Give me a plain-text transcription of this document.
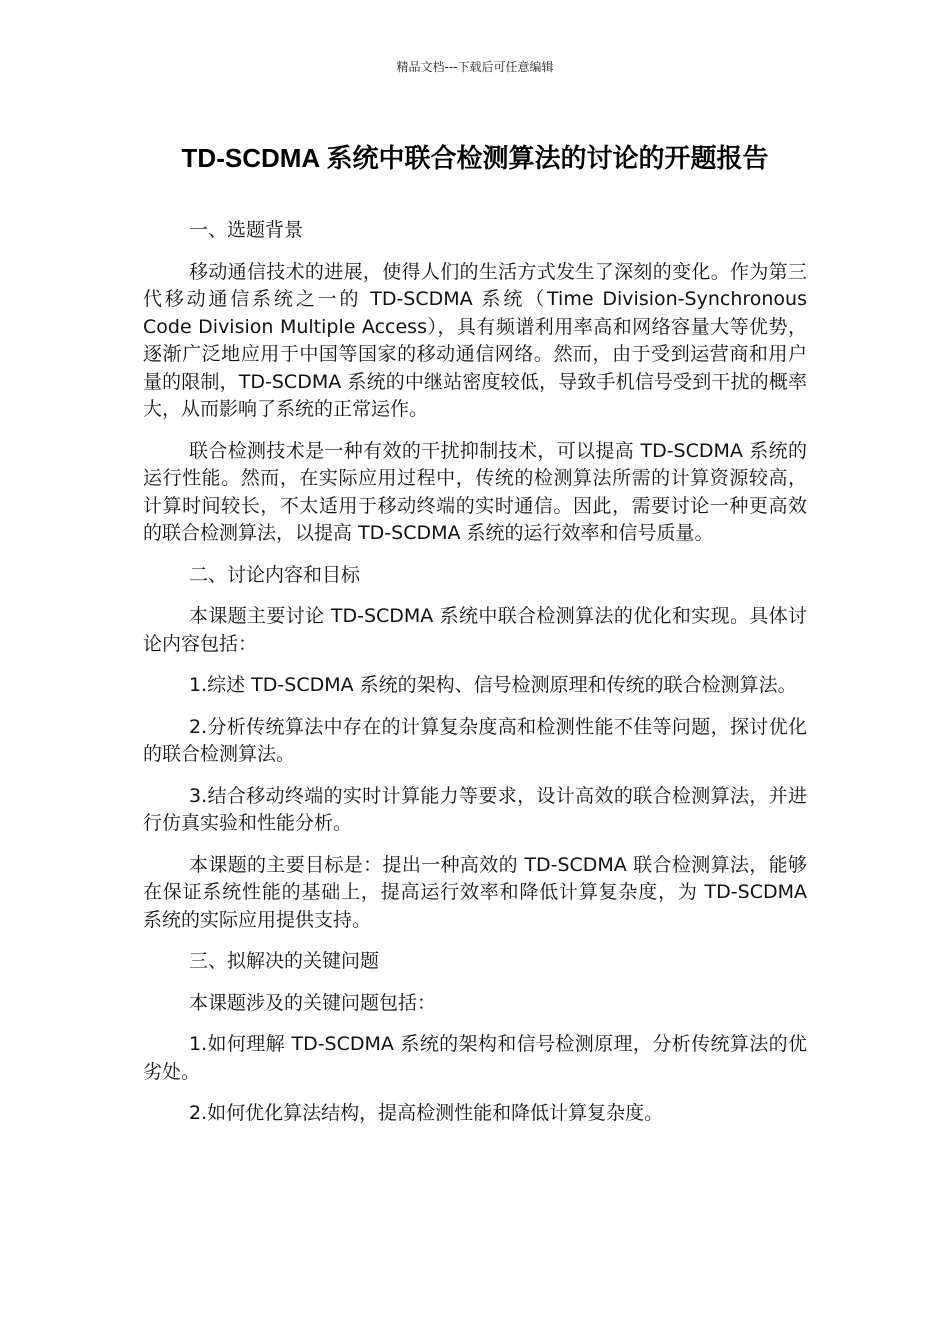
精品文档---下载后可任意编辑
TD-SCDMA 系统中联合检测算法的讨论的开题报告

一、选题背景

移动通信技术的进展，使得人们的生活方式发生了深刻的变化。作为第三代移动通信系统之一的 TD-SCDMA 系统（Time Division-Synchronous Code Division Multiple Access），具有频谱利用率高和网络容量大等优势，逐渐广泛地应用于中国等国家的移动通信网络。然而，由于受到运营商和用户量的限制，TD-SCDMA 系统的中继站密度较低，导致手机信号受到干扰的概率大，从而影响了系统的正常运作。

联合检测技术是一种有效的干扰抑制技术，可以提高 TD-SCDMA 系统的运行性能。然而，在实际应用过程中，传统的检测算法所需的计算资源较高，计算时间较长，不太适用于移动终端的实时通信。因此，需要讨论一种更高效的联合检测算法，以提高 TD-SCDMA 系统的运行效率和信号质量。

二、讨论内容和目标

本课题主要讨论 TD-SCDMA 系统中联合检测算法的优化和实现。具体讨论内容包括：

1.综述 TD-SCDMA 系统的架构、信号检测原理和传统的联合检测算法。

2.分析传统算法中存在的计算复杂度高和检测性能不佳等问题，探讨优化的联合检测算法。

3.结合移动终端的实时计算能力等要求，设计高效的联合检测算法，并进行仿真实验和性能分析。

本课题的主要目标是：提出一种高效的 TD-SCDMA 联合检测算法，能够在保证系统性能的基础上，提高运行效率和降低计算复杂度，为 TD-SCDMA 系统的实际应用提供支持。

三、拟解决的关键问题

本课题涉及的关键问题包括：

1.如何理解 TD-SCDMA 系统的架构和信号检测原理，分析传统算法的优劣处。

2.如何优化算法结构，提高检测性能和降低计算复杂度。
